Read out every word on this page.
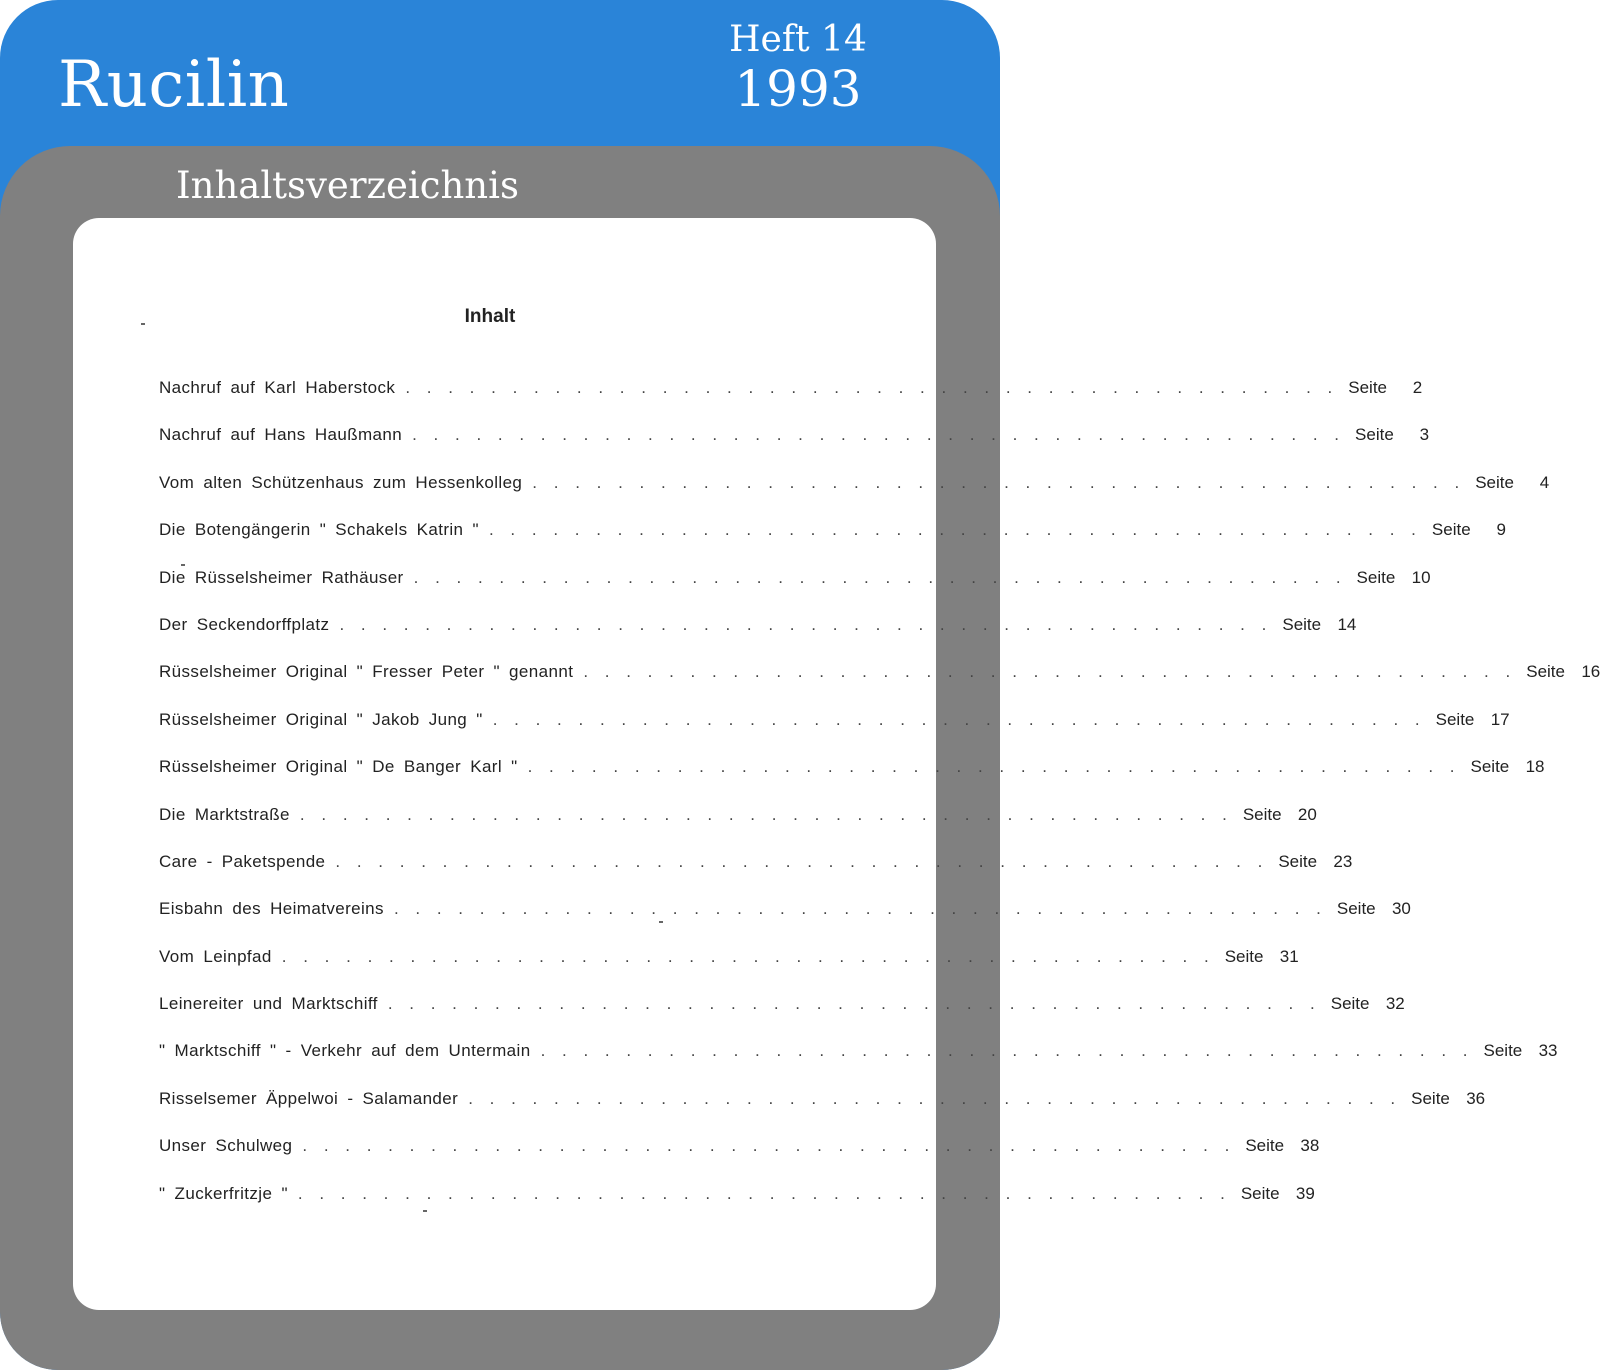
Rucilin
Heft 14
1993
Inhaltsverzeichnis
Inhalt
Nachruf auf Karl Haberstock . . . . . . . . . . . . . . . . . . . . . . . . . . . . . . . . . . . . . . . . . . . . Seite	2
Nachruf auf Hans Haußmann . . . . . . . . . . . . . . . . . . . . . . . . . . . . . . . . . . . . . . . . . . . . Seite	3
Vom alten Schützenhaus zum Hessenkolleg . . . . . . . . . . . . . . . . . . . . . . . . . . . . . . . . . . . . . . . . . . . . Seite	4
Die Botengängerin " Schakels Katrin " . . . . . . . . . . . . . . . . . . . . . . . . . . . . . . . . . . . . . . . . . . . . Seite	9
Die Rüsselsheimer Rathäuser . . . . . . . . . . . . . . . . . . . . . . . . . . . . . . . . . . . . . . . . . . . . Seite 10
Der Seckendorffplatz . . . . . . . . . . . . . . . . . . . . . . . . . . . . . . . . . . . . . . . . . . . . Seite 14
Rüsselsheimer Original " Fresser Peter " genannt . . . . . . . . . . . . . . . . . . . . . . . . . . . . . . . . . . . . . . . . . . . . Seite 16
Rüsselsheimer Original " Jakob Jung " . . . . . . . . . . . . . . . . . . . . . . . . . . . . . . . . . . . . . . . . . . . . Seite 17
Rüsselsheimer Original " De Banger Karl " . . . . . . . . . . . . . . . . . . . . . . . . . . . . . . . . . . . . . . . . . . . . Seite 18
Die Marktstraße . . . . . . . . . . . . . . . . . . . . . . . . . . . . . . . . . . . . . . . . . . . . Seite 20
Care - Paketspende . . . . . . . . . . . . . . . . . . . . . . . . . . . . . . . . . . . . . . . . . . . . Seite 23
Eisbahn des Heimatvereins . . . . . . . . . . . . . . . . . . . . . . . . . . . . . . . . . . . . . . . . . . . . Seite 30
Vom Leinpfad . . . . . . . . . . . . . . . . . . . . . . . . . . . . . . . . . . . . . . . . . . . . Seite 31
Leinereiter und Marktschiff . . . . . . . . . . . . . . . . . . . . . . . . . . . . . . . . . . . . . . . . . . . . Seite 32
" Marktschiff " - Verkehr auf dem Untermain . . . . . . . . . . . . . . . . . . . . . . . . . . . . . . . . . . . . . . . . . . . . Seite 33
Risselsemer Äppelwoi - Salamander . . . . . . . . . . . . . . . . . . . . . . . . . . . . . . . . . . . . . . . . . . . . Seite 36
Unser Schulweg . . . . . . . . . . . . . . . . . . . . . . . . . . . . . . . . . . . . . . . . . . . . Seite 38
" Zuckerfritzje " . . . . . . . . . . . . . . . . . . . . . . . . . . . . . . . . . . . . . . . . . . . . Seite 39
